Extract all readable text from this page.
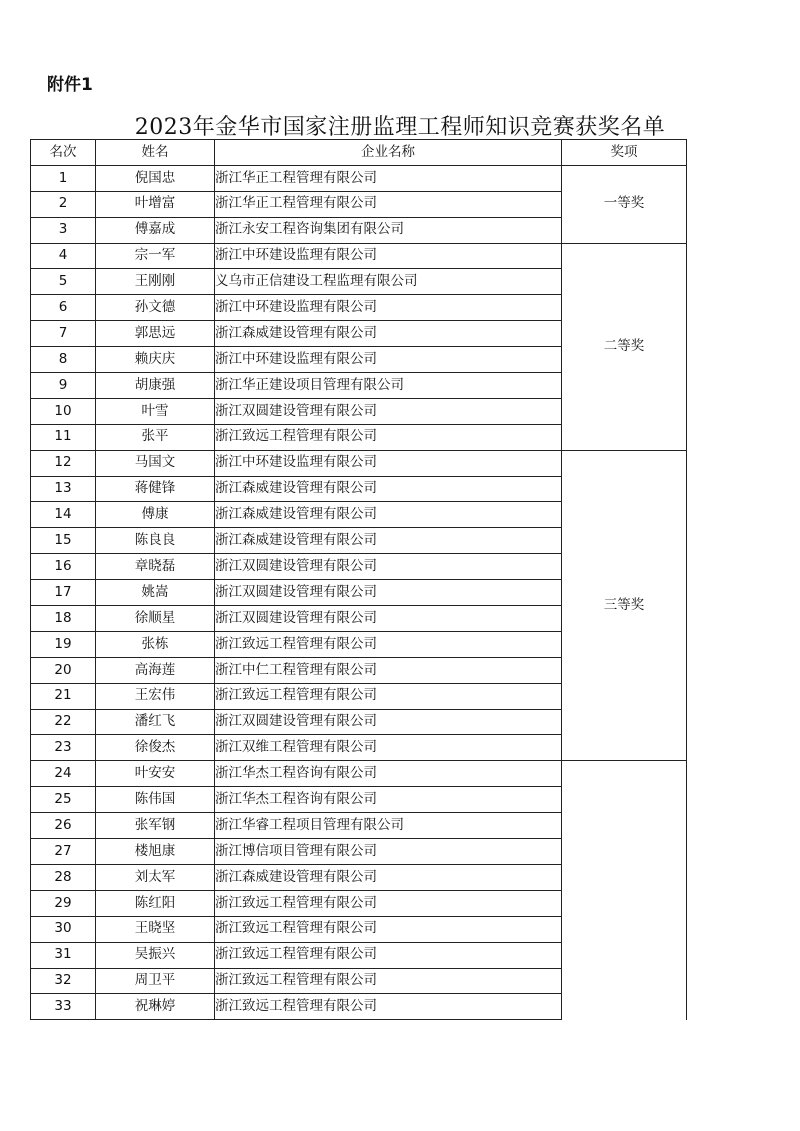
附件1
2023年金华市国家注册监理工程师知识竞赛获奖名单
名次	姓名	企业名称	奖项
1	倪国忠	浙江华正工程管理有限公司	一等奖
2	叶增富	浙江华正工程管理有限公司	
3	傅嘉成	浙江永安工程咨询集团有限公司	
4	宗一军	浙江中环建设监理有限公司	二等奖
5	王刚刚	义乌市正信建设工程监理有限公司	
6	孙文德	浙江中环建设监理有限公司	
7	郭思远	浙江森威建设管理有限公司	
8	赖庆庆	浙江中环建设监理有限公司	
9	胡康强	浙江华正建设项目管理有限公司	
10	叶雪	浙江双圆建设管理有限公司	
11	张平	浙江致远工程管理有限公司	
12	马国文	浙江中环建设监理有限公司	三等奖
13	蒋健锋	浙江森威建设管理有限公司	
14	傅康	浙江森威建设管理有限公司	
15	陈良良	浙江森威建设管理有限公司	
16	章晓磊	浙江双圆建设管理有限公司	
17	姚嵩	浙江双圆建设管理有限公司	
18	徐顺星	浙江双圆建设管理有限公司	
19	张栋	浙江致远工程管理有限公司	
20	高海莲	浙江中仁工程管理有限公司	
21	王宏伟	浙江致远工程管理有限公司	
22	潘红飞	浙江双圆建设管理有限公司	
23	徐俊杰	浙江双维工程管理有限公司	
24	叶安安	浙江华杰工程咨询有限公司	
25	陈伟国	浙江华杰工程咨询有限公司	
26	张军钢	浙江华睿工程项目管理有限公司	
27	楼旭康	浙江博信项目管理有限公司	
28	刘太军	浙江森威建设管理有限公司	
29	陈红阳	浙江致远工程管理有限公司	
30	王晓坚	浙江致远工程管理有限公司	
31	吴振兴	浙江致远工程管理有限公司	
32	周卫平	浙江致远工程管理有限公司	
33	祝琳婷	浙江致远工程管理有限公司	
